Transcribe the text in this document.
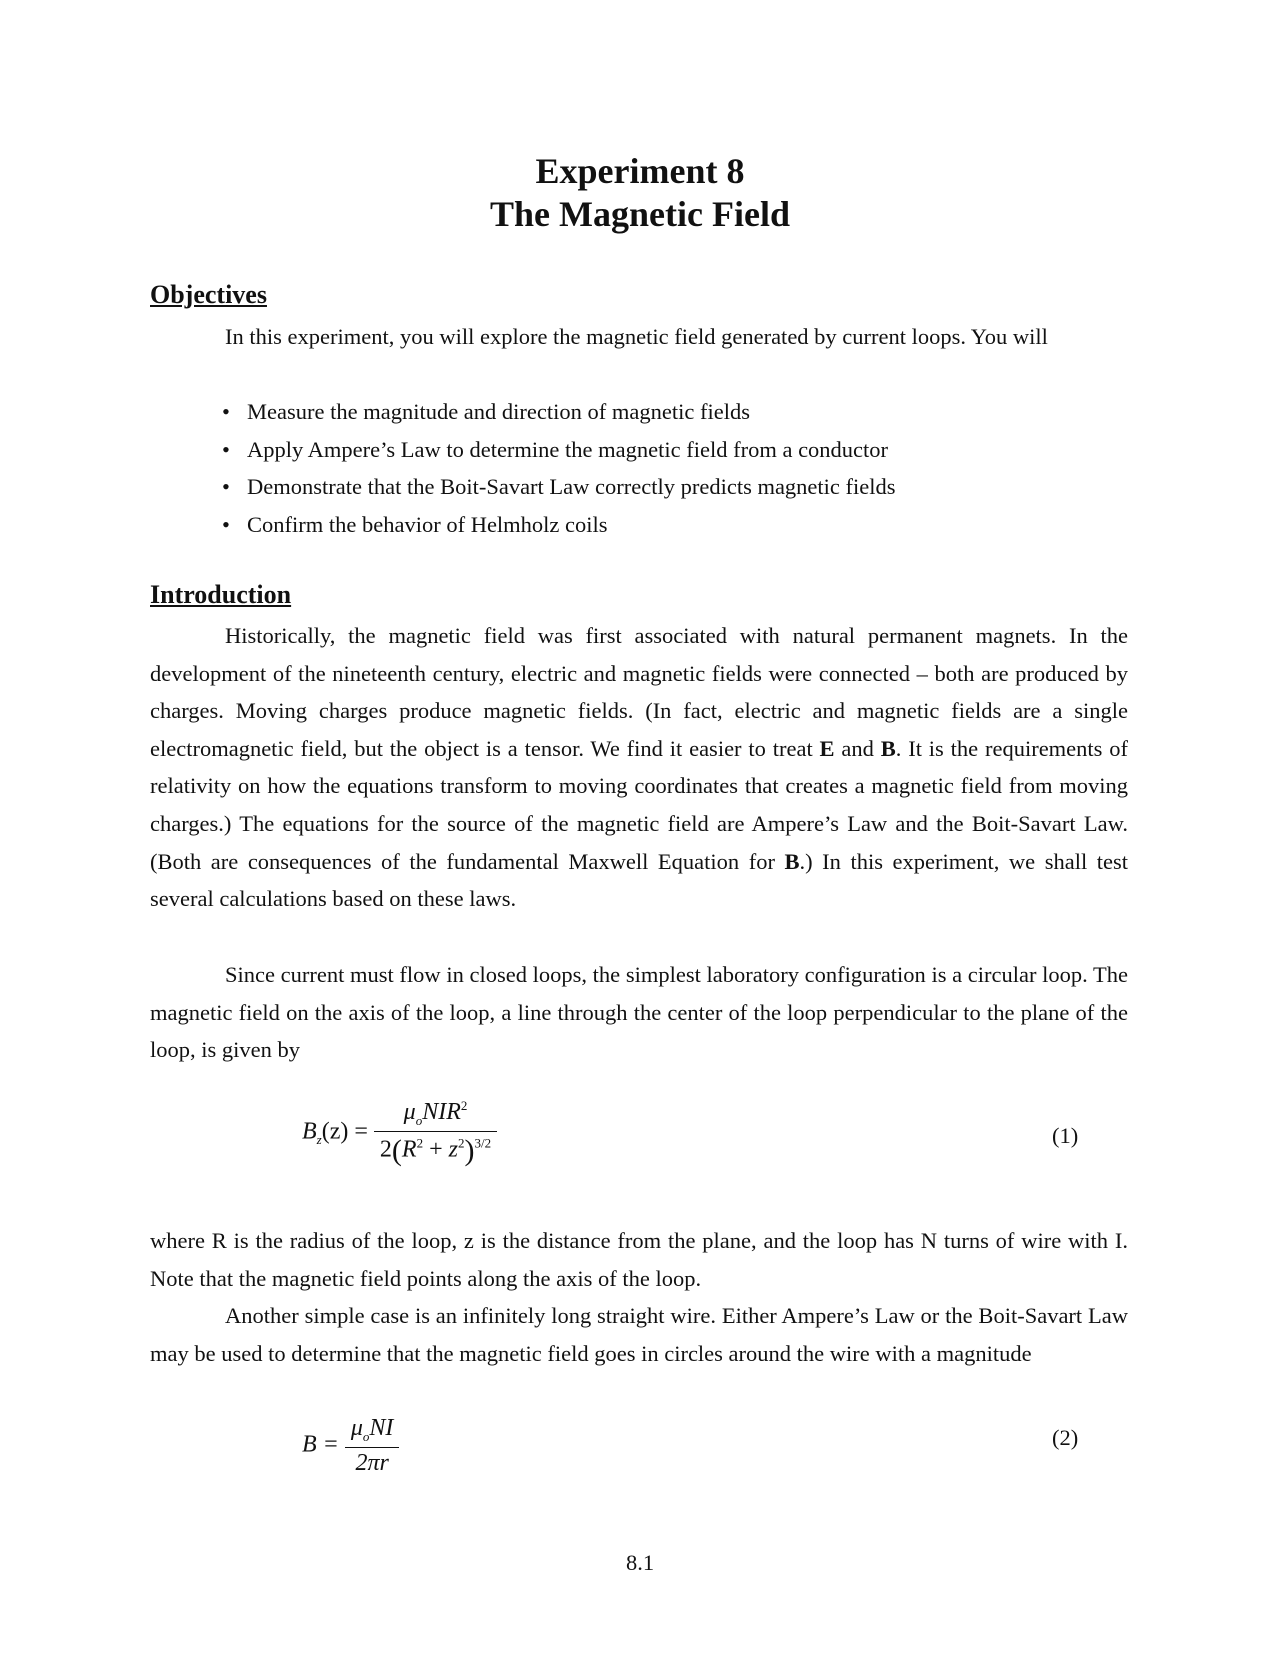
Experiment 8
The Magnetic Field
Objectives

In this experiment, you will explore the magnetic field generated by current loops. You will

• Measure the magnitude and direction of magnetic fields
• Apply Ampere’s Law to determine the magnetic field from a conductor
• Demonstrate that the Boit-Savart Law correctly predicts magnetic fields
• Confirm the behavior of Helmholz coils
Introduction

Historically, the magnetic field was first associated with natural permanent magnets. In the development of the nineteenth century, electric and magnetic fields were connected – both are produced by charges. Moving charges produce magnetic fields. (In fact, electric and magnetic fields are a single electromagnetic field, but the object is a tensor. We find it easier to treat E and B. It is the requirements of relativity on how the equations transform to moving coordinates that creates a magnetic field from moving charges.) The equations for the source of the magnetic field are Ampere’s Law and the Boit-Savart Law. (Both are consequences of the fundamental Maxwell Equation for B.) In this experiment, we shall test several calculations based on these laws.

Since current must flow in closed loops, the simplest laboratory configuration is a circular loop. The magnetic field on the axis of the loop, a line through the center of the loop perpendicular to the plane of the loop, is given by

$B_z(z) = \frac{\mu_oNIR^2}{2(R^2 + z^2)^{3/2}}$	(1)

where R is the radius of the loop, z is the distance from the plane, and the loop has N turns of wire with I. Note that the magnetic field points along the axis of the loop.

Another simple case is an infinitely long straight wire. Either Ampere’s Law or the Boit-Savart Law may be used to determine that the magnetic field goes in circles around the wire with a magnitude

$B = \frac{\mu_oNI}{2\pi r}$	(2)
8.1
